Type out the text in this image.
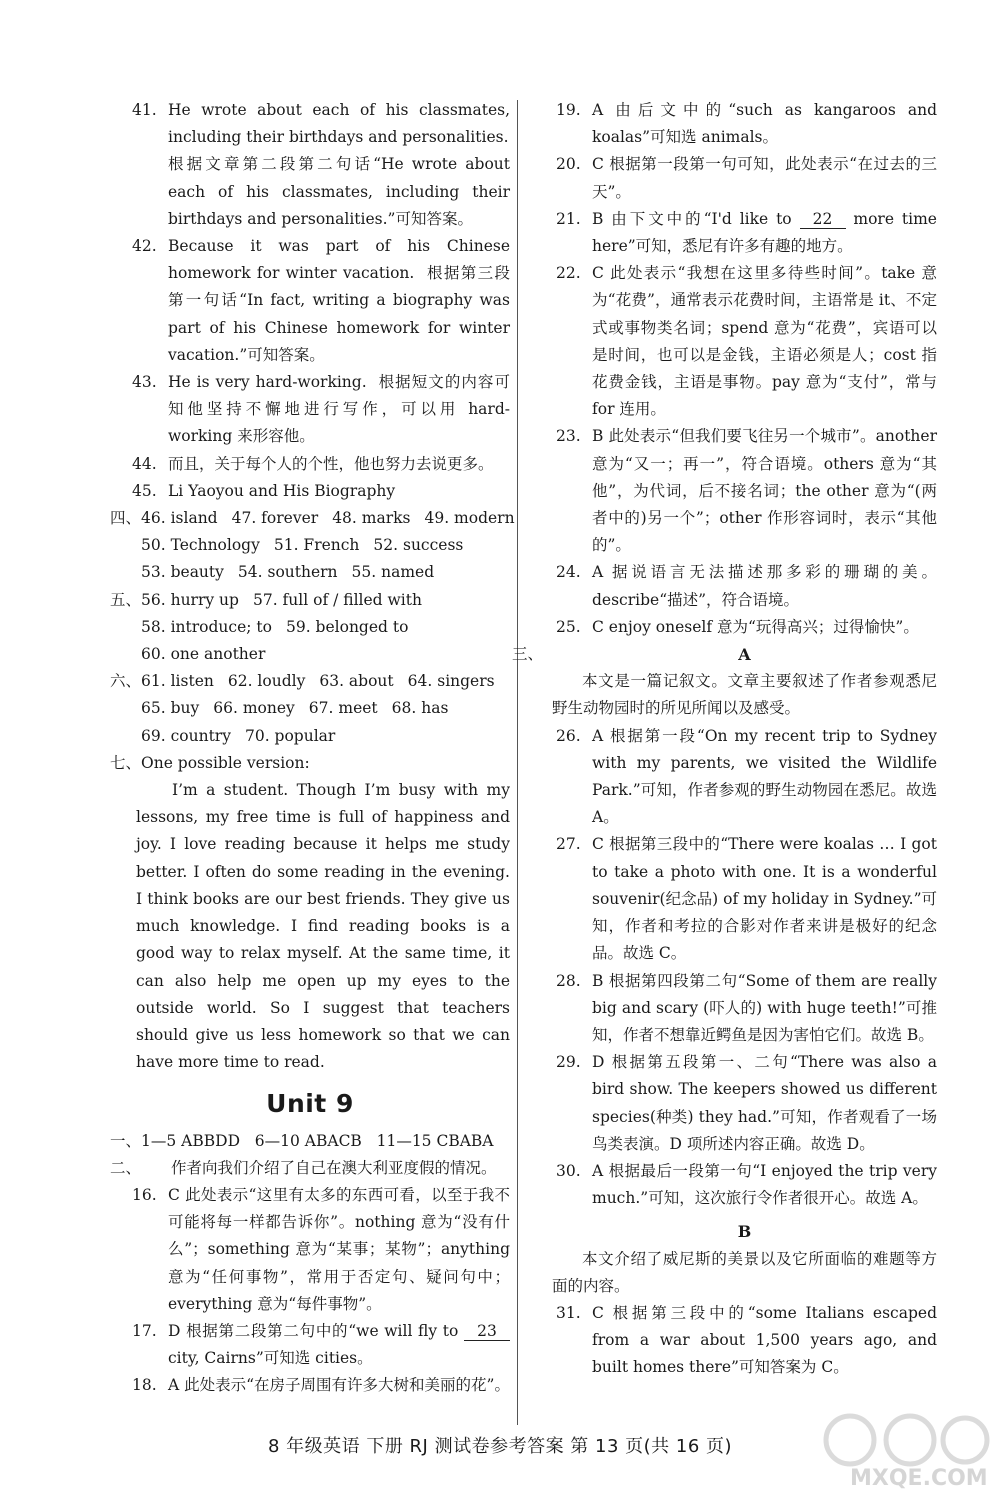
41. He wrote about each of his classmates, including their birthdays and personalities.

根据文章第二段第二句话“He wrote about each of his classmates, including their birthdays and personalities.”可知答案。

42. Because it was part of his Chinese homework for winter vacation. 根据第三段第一句话“In fact, writing a biography was part of his Chinese homework for winter vacation.”可知答案。

43. He is very hard-working. 根据短文的内容可知他坚持不懈地进行写作，可以用 hard-working 来形容他。

44. 而且，关于每个人的个性，他也努力去说更多。

45. Li Yaoyou and His Biography

四、 46. island 47. forever 48. marks 49. modern
50. Technology 51. French 52. success
53. beauty 54. southern 55. named
五、 56. hurry up 57. full of / filled with
58. introduce; to 59. belonged to
60. one another
六、 61. listen 62. loudly 63. about 64. singers
65. buy 66. money 67. meet 68. has
69. country 70. popular
七、 One possible version:

I’m a student. Though I’m busy with my lessons, my free time is full of happiness and joy. I love reading because it helps me study better. I often do some reading in the evening. I think books are our best friends. They give us much knowledge. I find reading books is a good way to relax myself. At the same time, it can also help me open up my eyes to the outside world. So I suggest that teachers should give us less homework so that we can have more time to read.

Unit 9
一、 1—5 ABBDD   6—10 ABACB   11—15 CBABA
二、	作者向我们介绍了自己在澳大利亚度假的情况。

16. C 此处表示“这里有太多的东西可看，以至于我不可能将每一样都告诉你”。nothing 意为“没有什么”；something 意为“某事；某物”；anything 意为“任何事物”，常用于否定句、疑问句中；everything 意为“每件事物”。

17. D 根据第二段第二句中的“we will fly to 23 city, Cairns”可知选 cities。

18. A 此处表示“在房子周围有许多大树和美丽的花”。

19. A 由后文中的“such as kangaroos and koalas”可知选 animals。

20. C 根据第一段第一句可知，此处表示“在过去的三天”。

21. B 由下文中的“I'd like to 22 more time here”可知，悉尼有许多有趣的地方。

22. C 此处表示“我想在这里多待些时间”。take 意为“花费”，通常表示花费时间，主语常是 it、不定式或事物类名词；spend 意为“花费”，宾语可以是时间，也可以是金钱，主语必须是人；cost 指花费金钱，主语是事物。pay 意为“支付”，常与 for 连用。

23. B 此处表示“但我们要飞往另一个城市”。another 意为“又一；再一”，符合语境。others 意为“其他”，为代词，后不接名词；the other 意为“(两者中的)另一个”；other 作形容词时，表示“其他的”。

24. A 据说语言无法描述那多彩的珊瑚的美。describe“描述”，符合语境。

25. C enjoy oneself 意为“玩得高兴；过得愉快”。

三、	A

本文是一篇记叙文。文章主要叙述了作者参观悉尼野生动物园时的所见所闻以及感受。

26. A 根据第一段“On my recent trip to Sydney with my parents, we visited the Wildlife Park.”可知，作者参观的野生动物园在悉尼。故选 A。

27. C 根据第三段中的“There were koalas … I got to take a photo with one. It is a wonderful souvenir(纪念品) of my holiday in Sydney.”可知，作者和考拉的合影对作者来讲是极好的纪念品。故选 C。

28. B 根据第四段第二句“Some of them are really big and scary (吓人的) with huge teeth!”可推知，作者不想靠近鳄鱼是因为害怕它们。故选 B。

29. D 根据第五段第一、二句“There was also a bird show. The keepers showed us different species(种类) they had.”可知，作者观看了一场鸟类表演。D 项所述内容正确。故选 D。

30. A 根据最后一段第一句“I enjoyed the trip very much.”可知，这次旅行令作者很开心。故选 A。

B

本文介绍了威尼斯的美景以及它所面临的难题等方面的内容。

31. C 根据第三段中的“some Italians escaped from a war about 1,500 years ago, and built homes there”可知答案为 C。

8 年级英语 下册 RJ 测试卷参考答案 第 13 页(共 16 页)
MXQE.COM
